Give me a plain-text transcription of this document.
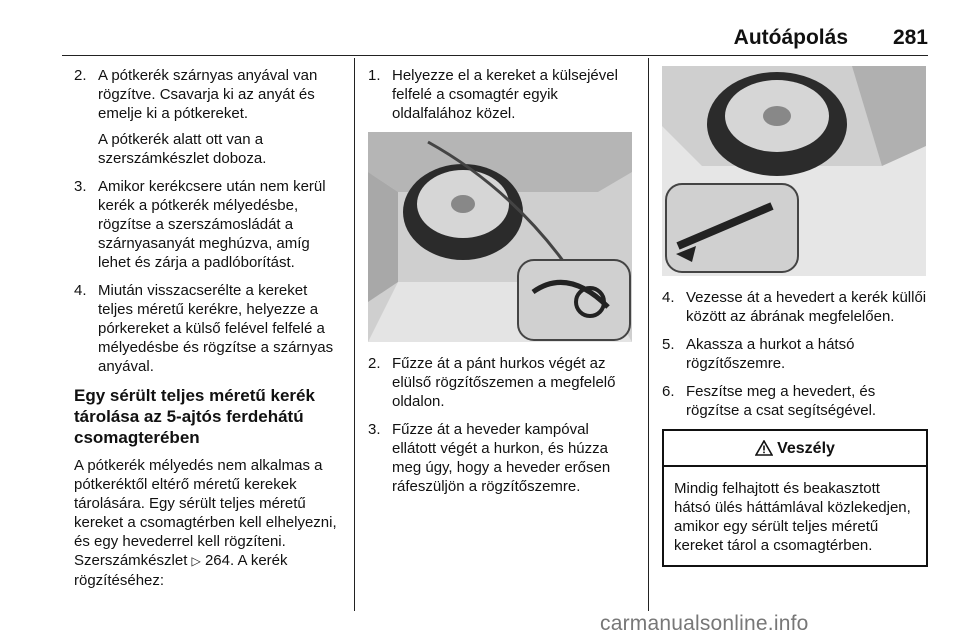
Autóápolás 281
2. A pótkerék szárnyas anyával van rögzítve. Csavarja ki az anyát és emelje ki a pótkereket.
A pótkerék alatt ott van a szerszámkészlet doboza.
3. Amikor kerékcsere után nem kerül kerék a pótkerék mélyedésbe, rögzítse a szerszámosládát a szárnyasanyát meghúzva, amíg lehet és zárja a padlóborítást.
4. Miután visszacserélte a kereket teljes méretű kerékre, helyezze a pórkereket a külső felével felfelé a mélyedésbe és rögzítse a szárnyas anyával.
Egy sérült teljes méretű kerék tárolása az 5-ajtós ferdehátú csomagterében
A pótkerék mélyedés nem alkalmas a pótkeréktől eltérő méretű kerekek tárolására. Egy sérült teljes méretű kereket a csomagtérben kell elhelyezni, és egy hevederrel kell rögzíteni. Szerszámkészlet ▷ 264. A kerék rögzítéséhez:
1. Helyezze el a kereket a külsejével felfelé a csomagtér egyik oldalfalához közel.
2. Fűzze át a pánt hurkos végét az elülső rögzítőszemen a megfelelő oldalon.
3. Fűzze át a heveder kampóval ellátott végét a hurkon, és húzza meg úgy, hogy a heveder erősen ráfeszüljön a rögzítőszemre.
4. Vezesse át a hevedert a kerék küllői között az ábrának megfelelően.
5. Akassza a hurkot a hátsó rögzítőszemre.
6. Feszítse meg a hevedert, és rögzítse a csat segítségével.
Veszély
Mindig felhajtott és beakasztott hátsó ülés háttámlával közlekedjen, amikor egy sérült teljes méretű kereket tárol a csomagtérben.
carmanualsonline.info
